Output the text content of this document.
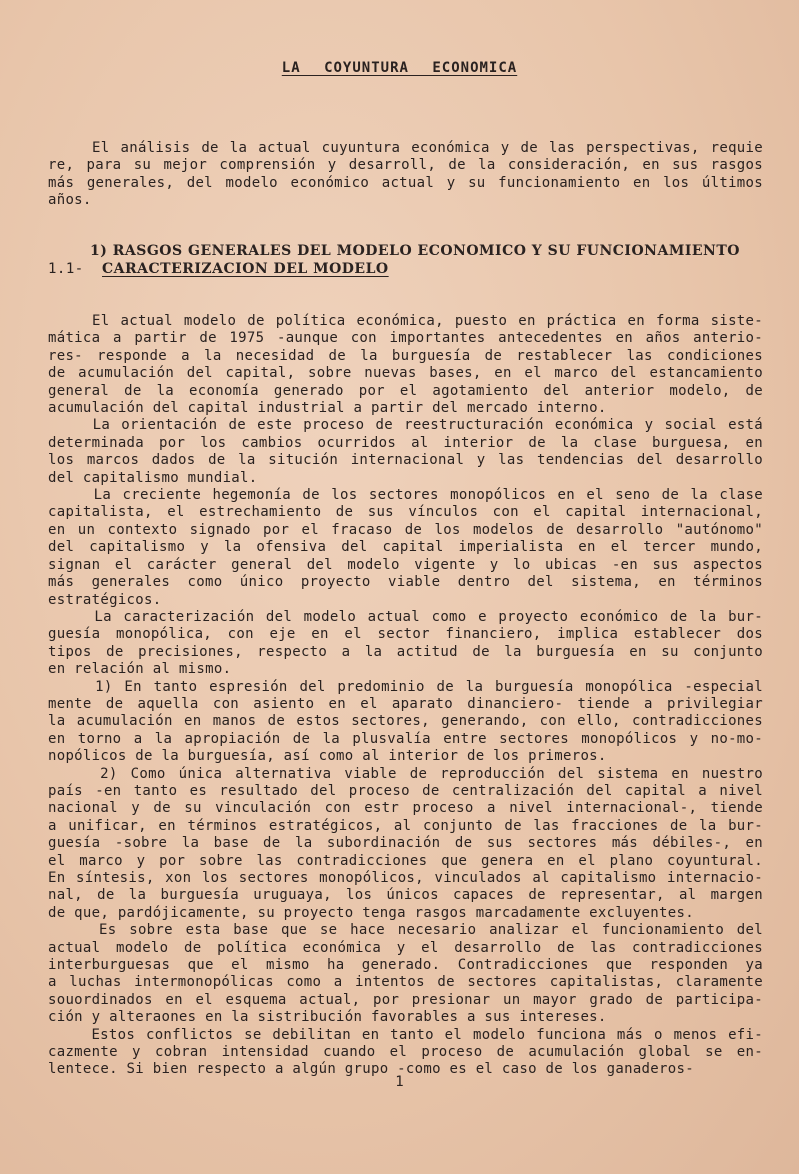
LA COYUNTURA ECONOMICA
El análisis de la actual cuyuntura económica y de las perspectivas, requie
re, para su mejor comprensión y desarroll, de la consideración, en sus rasgos
más generales, del modelo económico actual y su funcionamiento en los últimos
años.
1) RASGOS GENERALES DEL MODELO ECONOMICO Y SU FUNCIONAMIENTO
1.1- CARACTERIZACION DEL MODELO
El actual modelo de política económica, puesto en práctica en forma siste-
mática a partir de 1975 -aunque con importantes antecedentes en años anterio-
res- responde a la necesidad de la burguesía de restablecer las condiciones
de acumulación del capital, sobre nuevas bases, en el marco del estancamiento
general de la economía generado por el agotamiento del anterior modelo, de
acumulación del capital industrial a partir del mercado interno.
La orientación de este proceso de reestructuración económica y social está
determinada por los cambios ocurridos al interior de la clase burguesa, en
los marcos dados de la situción internacional y las tendencias del desarrollo
del capitalismo mundial.
La creciente hegemonía de los sectores monopólicos en el seno de la clase
capitalista, el estrechamiento de sus vínculos con el capital internacional,
en un contexto signado por el fracaso de los modelos de desarrollo "autónomo"
del capitalismo y la ofensiva del capital imperialista en el tercer mundo,
signan el carácter general del modelo vigente y lo ubicas -en sus aspectos
más generales como único proyecto viable dentro del sistema, en términos
estratégicos.
La caracterización del modelo actual como e proyecto económico de la bur-
guesía monopólica, con eje en el sector financiero, implica establecer dos
tipos de precisiones, respecto a la actitud de la burguesía en su conjunto
en relación al mismo.
1) En tanto espresión del predominio de la burguesía monopólica -especial
mente de aquella con asiento en el aparato dinanciero- tiende a privilegiar
la acumulación en manos de estos sectores, generando, con ello, contradicciones
en torno a la apropiación de la plusvalía entre sectores monopólicos y no-mo-
nopólicos de la burguesía, así como al interior de los primeros.
2) Como única alternativa viable de reproducción del sistema en nuestro
país -en tanto es resultado del proceso de centralización del capital a nivel
nacional y de su vinculación con estr proceso a nivel internacional-, tiende
a unificar, en términos estratégicos, al conjunto de las fracciones de la bur-
guesía -sobre la base de la subordinación de sus sectores más débiles-, en
el marco y por sobre las contradicciones que genera en el plano coyuntural.
En síntesis, xon los sectores monopólicos, vinculados al capitalismo internacio-
nal, de la burguesía uruguaya, los únicos capaces de representar, al margen
de que, pardójicamente, su proyecto tenga rasgos marcadamente excluyentes.
Es sobre esta base que se hace necesario analizar el funcionamiento del
actual modelo de política económica y el desarrollo de las contradicciones
interburguesas que el mismo ha generado. Contradicciones que responden ya
a luchas intermonopólicas como a intentos de sectores capitalistas, claramente
souordinados en el esquema actual, por presionar un mayor grado de participa-
ción y alteraones en la sistribución favorables a sus intereses.
Estos conflictos se debilitan en tanto el modelo funciona más o menos efi-
cazmente y cobran intensidad cuando el proceso de acumulación global se en-
lentece. Si bien respecto a algún grupo -como es el caso de los ganaderos-
1
